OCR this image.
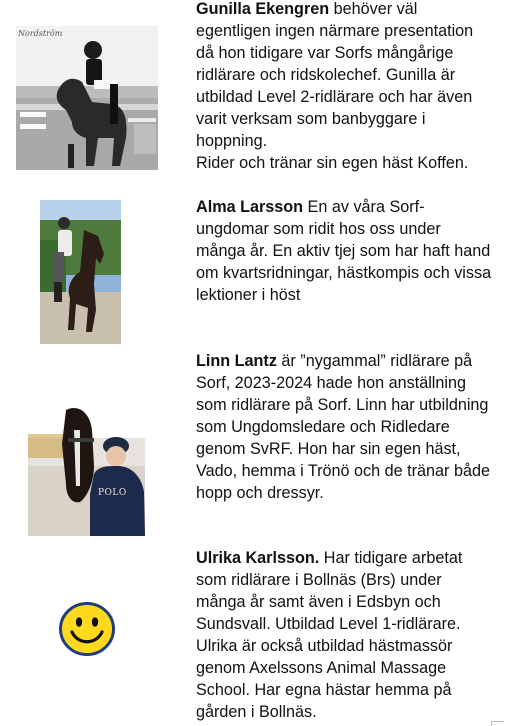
Nordström
POLO

Gunilla Ekengren behöver väl egentligen ingen närmare presentation då hon tidigare var Sorfs mångårige ridlärare och ridskolechef. Gunilla är utbildad Level 2-ridlärare och har även varit verksam som banbyggare i hoppning.
Rider och tränar sin egen häst Koffen.

Alma Larsson En av våra Sorf-ungdomar som ridit hos oss under många år. En aktiv tjej som har haft hand om kvartsridningar, hästkompis och vissa lektioner i höst

Linn Lantz är ”nygammal” ridlärare på Sorf, 2023-2024 hade hon anställning som ridlärare på Sorf. Linn har utbildning som Ungdomsledare och Ridledare genom SvRF. Hon har sin egen häst, Vado, hemma i Trönö och de tränar både hopp och dressyr.

Ulrika Karlsson. Har tidigare arbetat som ridlärare i Bollnäs (Brs) under många år samt även i Edsbyn och Sundsvall. Utbildad Level 1-ridlärare. Ulrika är också utbildad hästmassör genom Axelssons Animal Massage School. Har egna hästar hemma på gården i Bollnäs.
